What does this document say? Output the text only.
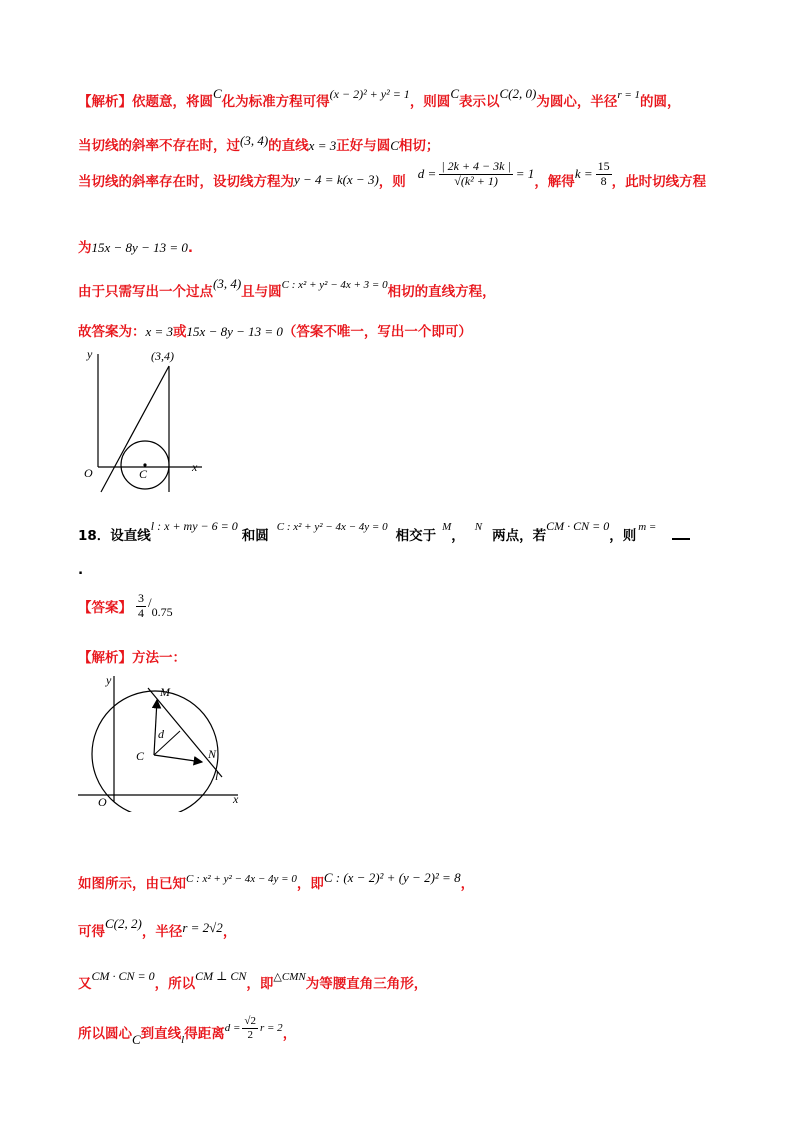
【解析】依题意，将圆$^C$化为标准方程可得$^{(x - 2)^2 + y^2 = 1}$，则圆$^C$表示以$^{C(2, 0)}$为圆心，半径$^{r = 1}$的圆，
当切线的斜率不存在时，过$^{(3, 4)}$的直线x = 3正好与圆C相切；
当切线的斜率存在时，设切线方程为 y − 4 = k(x − 3) ，则
$d = \frac{| 2k + 4 - 3k |}{\text{√(k² + 1)}} = 1$
，解得
$k = \frac{15}{8}$ ，此时切线方程
为15x − 8y − 13 = 0.
由于只需写出一个过点$^{(3, 4)}$且与圆$^{C : x^2 + y^2 - 4x + 3 = 0}$相切的直线方程，
故答案为：x = 3或15x − 8y − 13 = 0（答案不唯一，写出一个即可）
y
x
O	C
(3,4)
18．设直线$^{l : x + my - 6 = 0}$和圆$^{C : x^2 + y^2 - 4x - 4y = 0}$相交于$^M$，$^N$两点，若$^{CM \cdot CN = 0}$，则$^{m =}$
.
【答案】 $\frac{3}{4}$ /
0.75
【解析】方法一：
y
x
O
C
d
M
N
l
如图所示，由已知$^{C : x^2 + y^2 - 4x - 4y = 0}$，即$^{C : (x - 2)^2 + (y - 2)^2 = 8}$，
可得$^{C(2, 2)}$，半径$^{r = 2√2}$，
又$^{CM \cdot CN = 0}$，所以$^{CM \perp CN}$，即$^{\triangle CMN}$为等腰直角三角形，
所以圆心 C 到直线 l 得距离 $d = \frac{√2}{2}$ r = 2 ，
